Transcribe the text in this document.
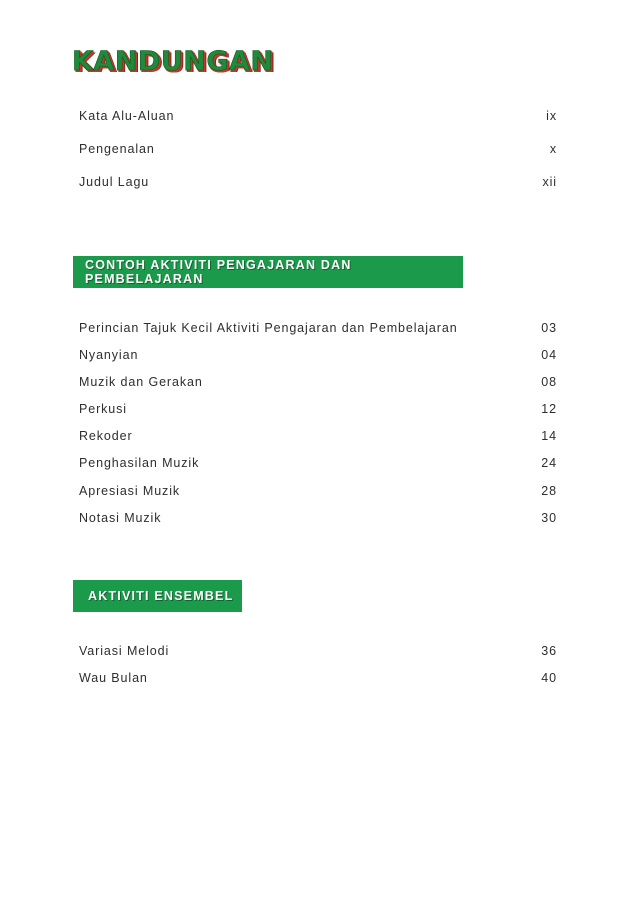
KANDUNGAN
Kata Alu-Aluan	ix
Pengenalan	x
Judul Lagu	xii
CONTOH AKTIVITI PENGAJARAN DAN PEMBELAJARAN
Perincian Tajuk Kecil Aktiviti Pengajaran dan Pembelajaran	03
Nyanyian	04
Muzik dan Gerakan	08
Perkusi	12
Rekoder	14
Penghasilan Muzik	24
Apresiasi Muzik	28
Notasi Muzik	30
AKTIVITI ENSEMBEL
Variasi Melodi	36
Wau Bulan	40
